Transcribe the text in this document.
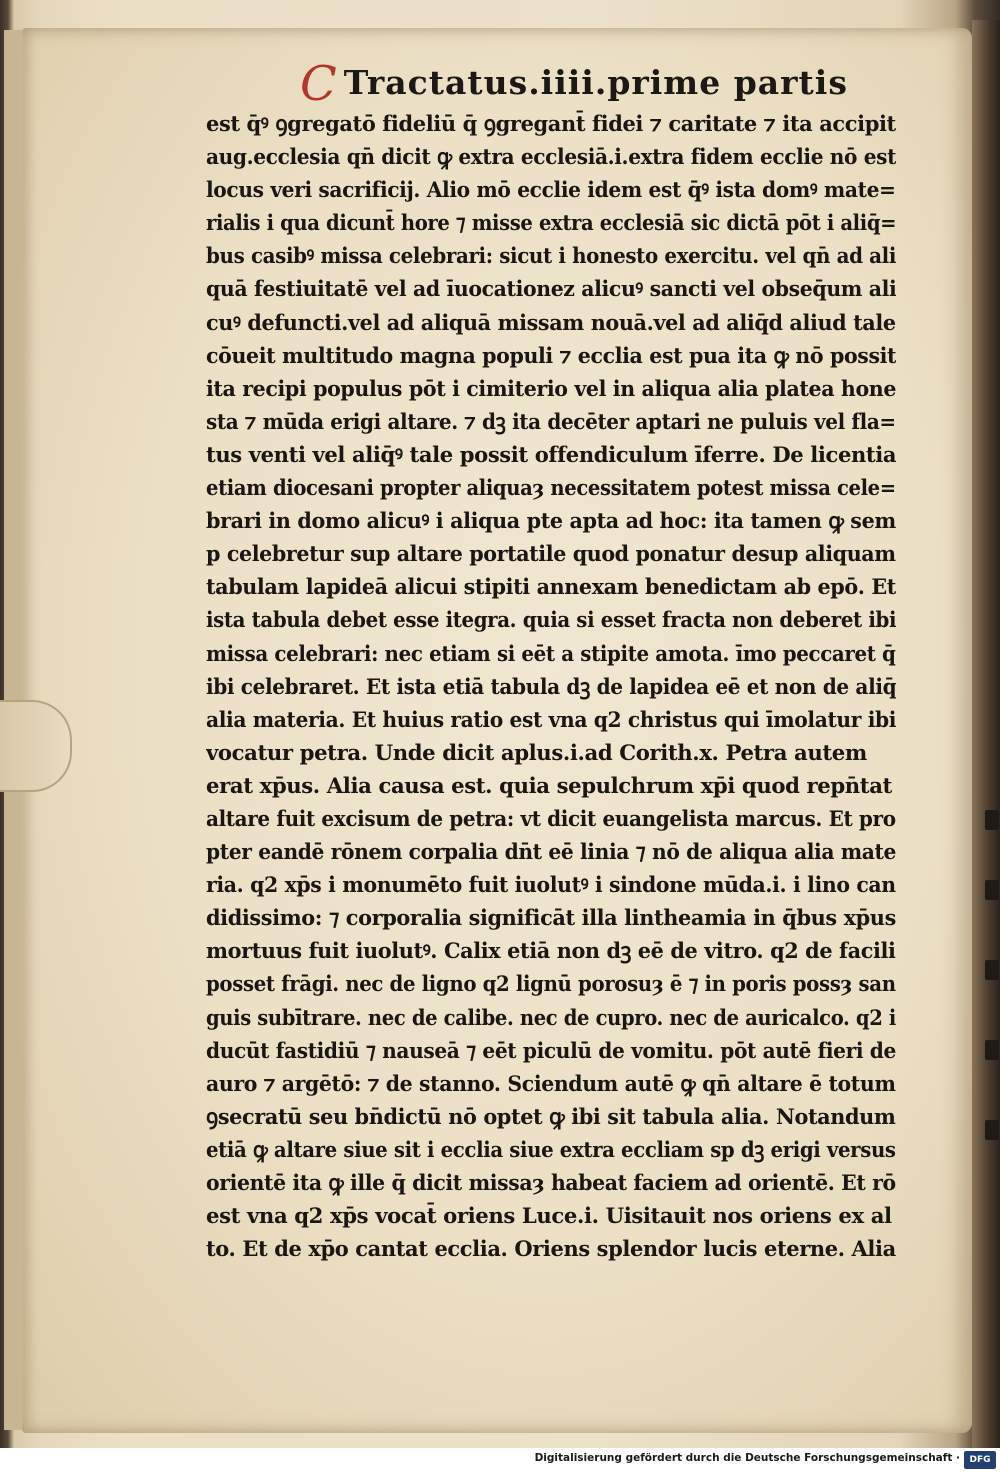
C Tractatus.iiii.prime partis
est q̄ꝰ ꝯgregatō fideliū q̄ ꝯgregant̄ fidei ⁊ caritate ⁊ ita accipit
aug.ecclesia qn̄ dicit ꝙ extra ecclesiā.i.extra fidem ecclie nō est
locus veri sacrificij. Alio mō ecclie idem est q̄ꝰ ista domꝰ mate=
rialis i qua dicunt̄ hore ⁊ misse extra ecclesiā sic dictā pōt i aliq̄=
bus casibꝰ missa celebrari: sicut i honesto exercitu. vel qn̄ ad ali
quā festiuitatē vel ad īuocationez alicuꝰ sancti vel obseq̄um ali
cuꝰ defuncti.vel ad aliquā missam nouā.vel ad aliq̄d aliud tale
cōueit multitudo magna populi ⁊ ecclia est pua ita ꝙ nō possit
ita recipi populus pōt i cimiterio vel in aliqua alia platea hone
sta ⁊ mūda erigi altare. ⁊ dꝫ ita decēter aptari ne puluis vel fla=
tus venti vel aliq̄ꝰ tale possit offendiculum īferre. De licentia
etiam diocesani propter aliquaȝ necessitatem potest missa cele=
brari in domo alicuꝰ i aliqua pte apta ad hoc: ita tamen ꝙ sem
p celebretur sup altare portatile quod ponatur desup aliquam
tabulam lapideā alicui stipiti annexam benedictam ab epō. Et
ista tabula debet esse itegra. quia si esset fracta non deberet ibi
missa celebrari: nec etiam si eēt a stipite amota. īmo peccaret q̄
ibi celebraret. Et ista etiā tabula dꝫ de lapidea eē et non de aliq̄
alia materia. Et huius ratio est vna q2 christus qui īmolatur ibi
vocatur petra. Unde dicit aplus.i.ad Corith.x. Petra autem
erat xp̄us. Alia causa est. quia sepulchrum xp̄i quod repn̄tat
altare fuit excisum de petra: vt dicit euangelista marcus. Et pro
pter eandē rōnem corpalia dn̄t eē linia ⁊ nō de aliqua alia mate
ria. q2 xp̄s i monumēto fuit iuolutꝰ i sindone mūda.i. i lino can
didissimo: ⁊ corporalia significāt illa lintheamia in q̄bus xp̄us
mortuus fuit iuolutꝰ. Calix etiā non dꝫ eē de vitro. q2 de facili
posset frāgi. nec de ligno q2 lignū porosuȝ ē ⁊ in poris possȝ san
guis subītrare. nec de calibe. nec de cupro. nec de auricalco. q2 i
ducūt fastidiū ⁊ nauseā ⁊ eēt piculū de vomitu. pōt autē fieri de
auro ⁊ argētō: ⁊ de stanno. Sciendum autē ꝙ qn̄ altare ē totum
ꝯsecratū seu bn̄dictū nō optet ꝙ ibi sit tabula alia. Notandum
etiā ꝙ altare siue sit i ecclia siue extra eccliam sp dꝫ erigi versus
orientē ita ꝙ ille q̄ dicit missaȝ habeat faciem ad orientē. Et rō
est vna q2 xp̄s vocat̄ oriens Luce.i. Uisitauit nos oriens ex al
to. Et de xp̄o cantat ecclia. Oriens splendor lucis eterne. Alia
Digitalisierung gefördert durch die Deutsche Forschungsgemeinschaft ·	DFG
